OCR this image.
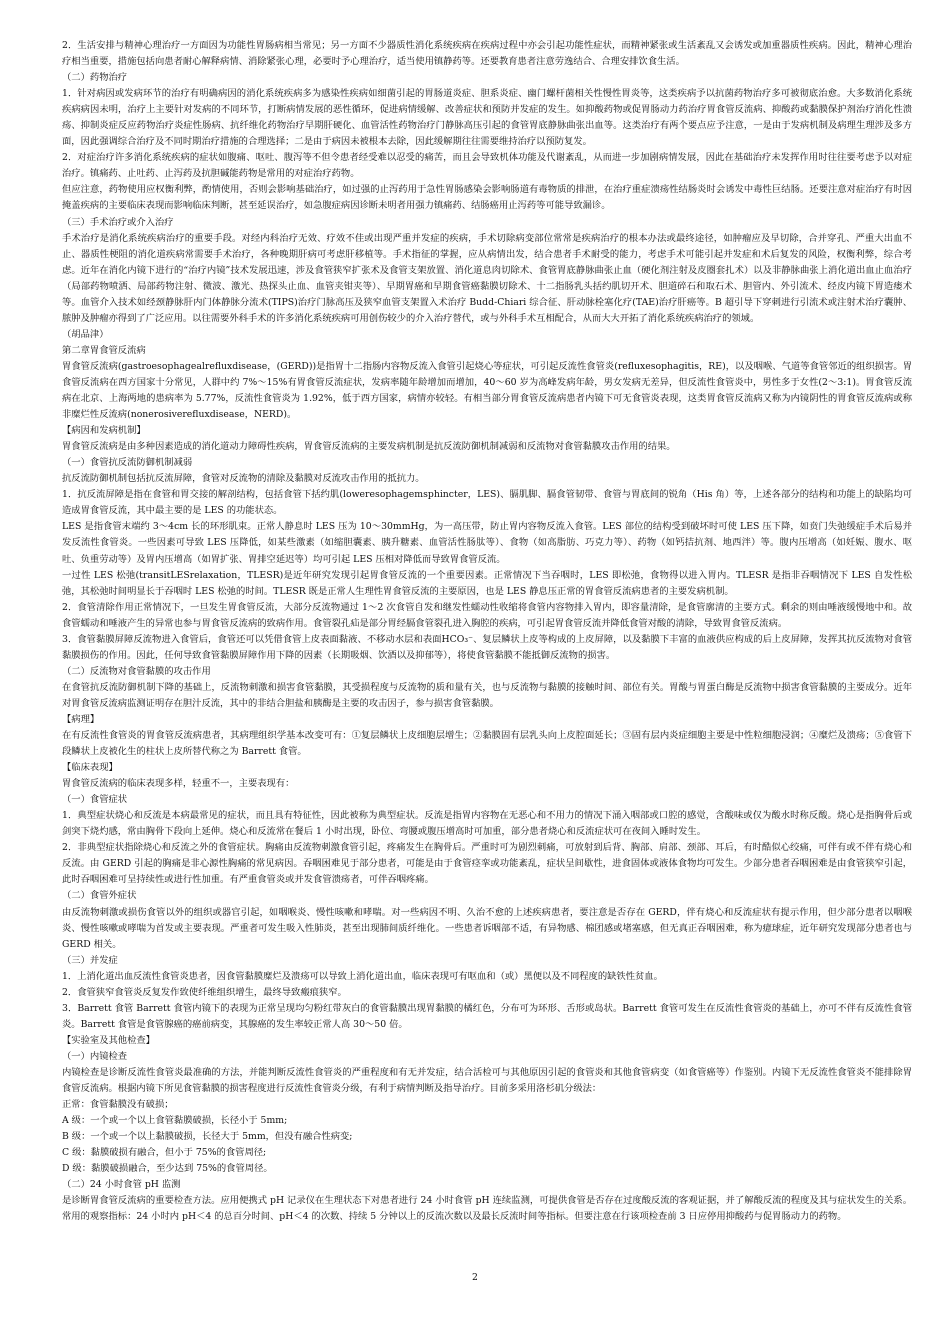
2．生活安排与精神心理治疗一方面因为功能性胃肠病相当常见；另一方面不少器质性消化系统疾病在疾病过程中亦会引起功能性症状，而精神紧张或生活紊乱又会诱发或加重器质性疾病。因此，精神心理治疗相当重要，措施包括向患者耐心解释病情、消除紧张心理，必要时予心理治疗，适当使用镇静药等。还要教育患者注意劳逸结合、合理安排饮食生活。

（二）药物治疗

1．针对病因或发病环节的治疗有明确病因的消化系统疾病多为感染性疾病如细菌引起的胃肠道炎症、胆系炎症、幽门螺杆菌相关性慢性胃炎等，这类疾病予以抗菌药物治疗多可被彻底治愈。大多数消化系统疾病病因未明，治疗上主要针对发病的不同环节，打断病情发展的恶性循环，促进病情缓解、改善症状和预防并发症的发生。如抑酸药物或促胃肠动力药治疗胃食管反流病、抑酸药或黏膜保护剂治疗消化性溃疡、抑制炎症反应药物治疗炎症性肠病、抗纤维化药物治疗早期肝硬化、血管活性药物治疗门静脉高压引起的食管胃底静脉曲张出血等。这类治疗有两个要点应予注意，一是由于发病机制及病理生理涉及多方面，因此强调综合治疗及不同时期治疗措施的合理选择；二是由于病因未被根本去除，因此缓解期往往需要维持治疗以预防复发。

2．对症治疗许多消化系统疾病的症状如腹痛、呕吐、腹泻等不但令患者经受难以忍受的痛苦，而且会导致机体功能及代谢紊乱，从而进一步加剧病情发展，因此在基础治疗未发挥作用时往往要考虑予以对症治疗。镇痛药、止吐药、止泻药及抗胆碱能药物是常用的对症治疗药物。

但应注意，药物使用应权衡利弊，酌情使用，否则会影响基础治疗，如过强的止泻药用于急性胃肠感染会影响肠道有毒物质的排泄，在治疗重症溃疡性结肠炎时会诱发中毒性巨结肠。还要注意对症治疗有时因掩盖疾病的主要临床表现而影响临床判断，甚至延误治疗，如急腹症病因诊断未明者用强力镇痛药、结肠癌用止泻药等可能导致漏诊。

（三）手术治疗或介入治疗

手术治疗是消化系统疾病治疗的重要手段。对经内科治疗无效、疗效不佳或出现严重并发症的疾病，手术切除病变部位常常是疾病治疗的根本办法或最终途径，如肿瘤应及早切除，合并穿孔、严重大出血不止、器质性梗阻的消化道疾病常需要手术治疗，各种晚期肝病可考虑肝移植等。手术指征的掌握，应从病情出发，结合患者手术耐受的能力，考虑手术可能引起并发症和术后复发的风险，权衡利弊，综合考虑。近年在消化内镜下进行的“治疗内镜”技术发展迅速，涉及食管狭窄扩张术及食管支架放置、消化道息肉切除术、食管胃底静脉曲张止血（硬化剂注射及皮圈套扎术）以及非静脉曲张上消化道出血止血治疗（局部药物喷洒、局部药物注射、微波、激光、热探头止血、血管夹钳夹等）、早期胃癌和早期食管癌黏膜切除术、十二指肠乳头括约肌切开术、胆道碎石和取石术、胆管内、外引流术、经皮内镜下胃造瘘术等。血管介入技术如经颈静脉肝内门体静脉分流术(TIPS)治疗门脉高压及狭窄血管支架置入术治疗 Budd-Chiari 综合征、肝动脉栓塞化疗(TAE)治疗肝癌等。B 超引导下穿刺进行引流术或注射术治疗囊肿、脓肿及肿瘤亦得到了广泛应用。以往需要外科手术的许多消化系统疾病可用创伤较少的介入治疗替代，或与外科手术互相配合，从而大大开拓了消化系统疾病治疗的领域。

（胡品津）

第二章胃食管反流病

胃食管反流病(gastroesophagealrefluxdisease，(GERD))是指胃十二指肠内容物反流入食管引起烧心等症状，可引起反流性食管炎(refluxesophagitis，RE)，以及咽喉、气道等食管邻近的组织损害。胃食管反流病在西方国家十分常见，人群中约 7%～15%有胃食管反流症状，发病率随年龄增加而增加，40～60 岁为高峰发病年龄，男女发病无差异，但反流性食管炎中，男性多于女性(2～3:1)。胃食管反流病在北京、上海两地的患病率为 5.77%，反流性食管炎为 1.92%，低于西方国家，病情亦较轻。有相当部分胃食管反流病患者内镜下可无食管炎表现，这类胃食管反流病又称为内镜阴性的胃食管反流病或称非糜烂性反流病(nonerosiverefluxdisease，NERD)。

【病因和发病机制】

胃食管反流病是由多种因素造成的消化道动力障碍性疾病，胃食管反流病的主要发病机制是抗反流防御机制减弱和反流物对食管黏膜攻击作用的结果。

（一）食管抗反流防御机制减弱

抗反流防御机制包括抗反流屏障，食管对反流物的清除及黏膜对反流攻击作用的抵抗力。

1．抗反流屏障是指在食管和胃交接的解剖结构，包括食管下括约肌(loweresophagemsphincter，LES)、膈肌脚、膈食管韧带、食管与胃底间的锐角（His 角）等，上述各部分的结构和功能上的缺陷均可造成胃食管反流，其中最主要的是 LES 的功能状态。

LES 是指食管末端约 3～4cm 长的环形肌束。正常人静息时 LES 压为 10～30mmHg，为一高压带，防止胃内容物反流入食管。LES 部位的结构受到破坏时可使 LES 压下降，如贲门失弛缓症手术后易并发反流性食管炎。一些因素可导致 LES 压降低，如某些激素（如缩胆囊素、胰升糖素、血管活性肠肽等）、食物（如高脂肪、巧克力等）、药物（如钙拮抗剂、地西泮）等。腹内压增高（如妊娠、腹水、呕吐、负重劳动等）及胃内压增高（如胃扩张、胃排空延迟等）均可引起 LES 压相对降低而导致胃食管反流。

一过性 LES 松弛(transitLESrelaxation，TLESR)是近年研究发现引起胃食管反流的一个重要因素。正常情况下当吞咽时，LES 即松弛，食物得以进入胃内。TLESR 是指非吞咽情况下 LES 自发性松弛，其松弛时间明显长于吞咽时 LES 松弛的时间。TLESR 既是正常人生理性胃食管反流的主要原因，也是 LES 静息压正常的胃食管反流病患者的主要发病机制。

2．食管清除作用正常情况下，一旦发生胃食管反流，大部分反流物通过 1～2 次食管自发和继发性蠕动性收缩将食管内容物排入胃内，即容量清除，是食管廓清的主要方式。剩余的则由唾液缓慢地中和。故食管蠕动和唾液产生的异常也参与胃食管反流病的致病作用。食管裂孔疝是部分胃经膈食管裂孔进入胸腔的疾病，可引起胃食管反流并降低食管对酸的清除，导致胃食管反流病。

3．食管黏膜屏障反流物进入食管后，食管还可以凭借食管上皮表面黏液、不移动水层和表面HCO₃⁻、复层鳞状上皮等构成的上皮屏障，以及黏膜下丰富的血液供应构成的后上皮屏障，发挥其抗反流物对食管黏膜损伤的作用。因此，任何导致食管黏膜屏障作用下降的因素（长期吸烟、饮酒以及抑郁等），将使食管黏膜不能抵御反流物的损害。

（二）反流物对食管黏膜的攻击作用

在食管抗反流防御机制下降的基础上，反流物刺激和损害食管黏膜，其受损程度与反流物的质和量有关，也与反流物与黏膜的接触时间、部位有关。胃酸与胃蛋白酶是反流物中损害食管黏膜的主要成分。近年对胃食管反流病监测证明存在胆汁反流，其中的非结合胆盐和胰酶是主要的攻击因子，参与损害食管黏膜。

【病理】

在有反流性食管炎的胃食管反流病患者，其病理组织学基本改变可有：①复层鳞状上皮细胞层增生；②黏膜固有层乳头向上皮腔面延长；③固有层内炎症细胞主要是中性粒细胞浸润；④糜烂及溃疡；⑤食管下段鳞状上皮被化生的柱状上皮所替代称之为 Barrett 食管。

【临床表现】

胃食管反流病的临床表现多样，轻重不一，主要表现有：

（一）食管症状

1．典型症状烧心和反流是本病最常见的症状，而且具有特征性，因此被称为典型症状。反流是指胃内容物在无恶心和不用力的情况下涌入咽部或口腔的感觉，含酸味或仅为酸水时称反酸。烧心是指胸骨后或剑突下烧灼感，常由胸骨下段向上延伸。烧心和反流常在餐后 1 小时出现，卧位、弯腰或腹压增高时可加重，部分患者烧心和反流症状可在夜间入睡时发生。

2．非典型症状指除烧心和反流之外的食管症状。胸痛由反流物刺激食管引起，疼痛发生在胸骨后。严重时可为剧烈刺痛，可放射到后背、胸部、肩部、颈部、耳后，有时酷似心绞痛，可伴有或不伴有烧心和反流。由 GERD 引起的胸痛是非心源性胸痛的常见病因。吞咽困难见于部分患者，可能是由于食管痉挛或功能紊乱，症状呈间歇性，进食固体或液体食物均可发生。少部分患者吞咽困难是由食管狭窄引起，此时吞咽困难可呈持续性或进行性加重。有严重食管炎或并发食管溃疡者，可伴吞咽疼痛。

（二）食管外症状

由反流物刺激或损伤食管以外的组织或器官引起，如咽喉炎、慢性咳嗽和哮喘。对一些病因不明、久治不愈的上述疾病患者，要注意是否存在 GERD，伴有烧心和反流症状有提示作用，但少部分患者以咽喉炎、慢性咳嗽或哮喘为首发或主要表现。严重者可发生吸入性肺炎，甚至出现肺间质纤维化。一些患者诉咽部不适，有异物感、棉团感或堵塞感，但无真正吞咽困难，称为癔球症，近年研究发现部分患者也与 GERD 相关。

（三）并发症

1．上消化道出血反流性食管炎患者，因食管黏膜糜烂及溃疡可以导致上消化道出血，临床表现可有呕血和（或）黑便以及不同程度的缺铁性贫血。

2．食管狭窄食管炎反复发作致使纤维组织增生，最终导致瘢痕狭窄。

3．Barrett 食管 Barrett 食管内镜下的表现为正常呈现均匀粉红带灰白的食管黏膜出现胃黏膜的橘红色，分布可为环形、舌形或岛状。Barrett 食管可发生在反流性食管炎的基础上，亦可不伴有反流性食管炎。Barrett 食管是食管腺癌的癌前病变，其腺癌的发生率较正常人高 30～50 倍。

【实验室及其他检查】

（一）内镜检查

内镜检查是诊断反流性食管炎最准确的方法，并能判断反流性食管炎的严重程度和有无并发症，结合活检可与其他原因引起的食管炎和其他食管病变（如食管癌等）作鉴别。内镜下无反流性食管炎不能排除胃食管反流病。根据内镜下所见食管黏膜的损害程度进行反流性食管炎分级，有利于病情判断及指导治疗。目前多采用洛杉矶分级法：

正常：食管黏膜没有破损；

A 级：一个或一个以上食管黏膜破损，长径小于 5mm;

B 级：一个或一个以上黏膜破损，长径大于 5mm，但没有融合性病变;

C 级：黏膜破损有融合，但小于 75%的食管周径;

D 级：黏膜破损融合，至少达到 75%的食管周径。

（二）24 小时食管 pH 监测

是诊断胃食管反流病的重要检查方法。应用便携式 pH 记录仪在生理状态下对患者进行 24 小时食管 pH 连续监测，可提供食管是否存在过度酸反流的客观证据，并了解酸反流的程度及其与症状发生的关系。常用的观察指标：24 小时内 pH＜4 的总百分时间、pH＜4 的次数、持续 5 分钟以上的反流次数以及最长反流时间等指标。但要注意在行该项检查前 3 日应停用抑酸药与促胃肠动力的药物。

2
